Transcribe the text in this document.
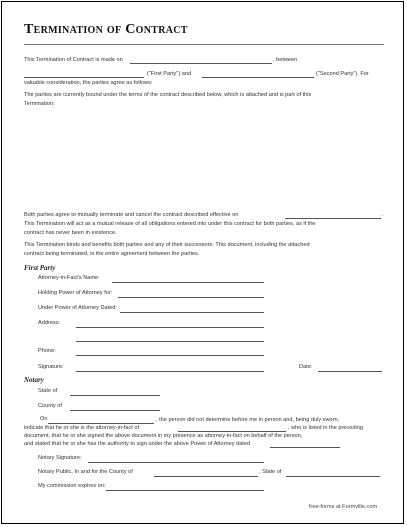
Termination of Contract
This Termination of Contract is made on	, between
("First Party") and	("Second Party"). For
valuable consideration, the parties agree as follows:
The parties are currently bound under the terms of the contract described below, which is attached and is part of this
Termination:
Both parties agree to mutually terminate and cancel the contract described effective on	.
This Termination will act as a mutual release of all obligations entered into under this contract for both parties, as if the
contract has never been in existence.
This Termination binds and benefits both parties and any of their successors. This document, including the attached
contract being terminated, is the entire agreement between the parties.
First Party
Attorney-in-Fact's Name:
Holding Power of Attorney for:
Under Power of Attorney Dated:
Address:
Phone:
Signature:	Date:
Notary
State of
County of
On	, the person did not determine before me in person and, being duly sworn,
indicate that he or she is the attorney-in-fact of	, who is listed in the preceding
document, that he or she signed the above document in my presence as attorney-in-fact on behalf of the person,
and stated that he or she has the authority to sign under the above Power of Attorney dated
Notary Signature:
Notary Public, In and for the County of	, State of
My commission expires on:
free-forms at Formville.com
